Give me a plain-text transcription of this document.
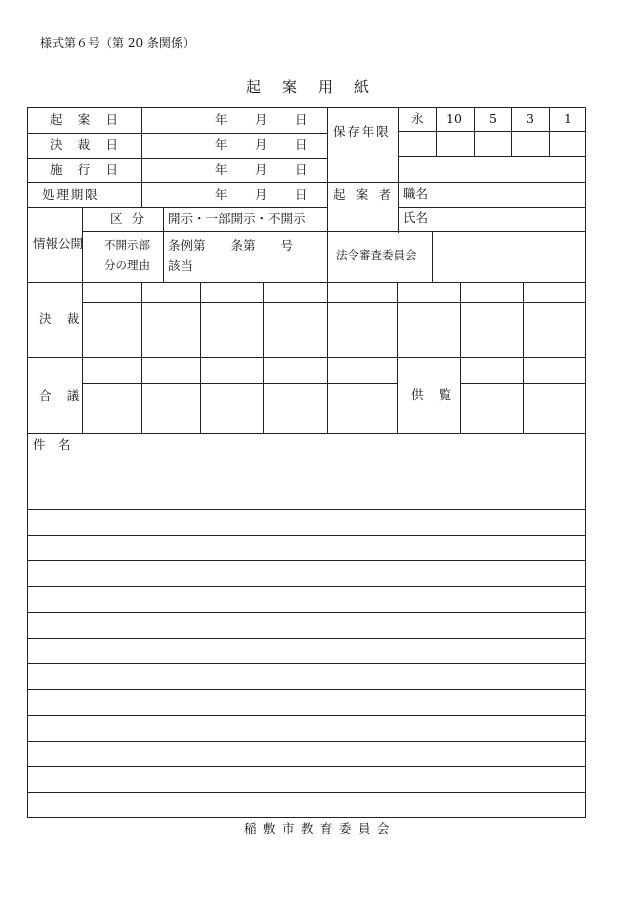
様式第６号（第 20 条関係）
起　案　用　紙
起 案 日
決 裁 日
施 行 日
処理期限
年 月 日
年 月 日
年 月 日
年 月 日
保存年限
永 10 5 3 1
起 案 者 職名
氏名
情報公開
区 分 開示・一部開示・不開示
不開示部
分の理由
条例第　　条第　　号
該当
法令審査委員会
決 裁
合 議	供 覧
件　名
稲 敷 市 教 育 委 員 会
